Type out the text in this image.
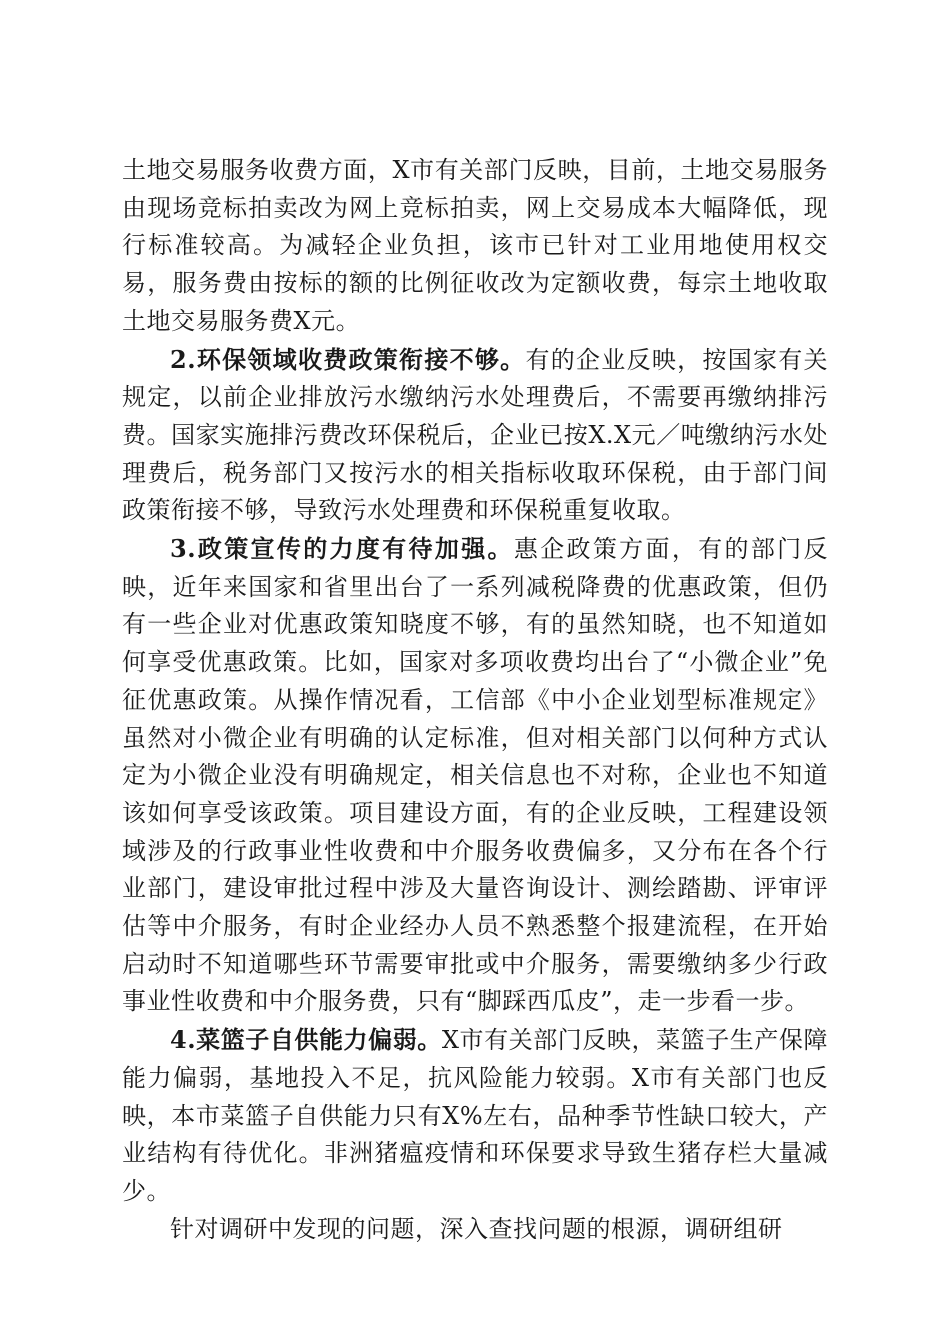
土地交易服务收费方面，X市有关部门反映，目前，土地交易服务由现场竞标拍卖改为网上竞标拍卖，网上交易成本大幅降低，现行标准较高。为减轻企业负担，该市已针对工业用地使用权交易，服务费由按标的额的比例征收改为定额收费，每宗土地收取土地交易服务费X元。

2.环保领域收费政策衔接不够。有的企业反映，按国家有关规定，以前企业排放污水缴纳污水处理费后，不需要再缴纳排污费。国家实施排污费改环保税后，企业已按X.X元／吨缴纳污水处理费后，税务部门又按污水的相关指标收取环保税，由于部门间政策衔接不够，导致污水处理费和环保税重复收取。

3.政策宣传的力度有待加强。惠企政策方面，有的部门反映，近年来国家和省里出台了一系列减税降费的优惠政策，但仍有一些企业对优惠政策知晓度不够，有的虽然知晓，也不知道如何享受优惠政策。比如，国家对多项收费均出台了“小微企业”免征优惠政策。从操作情况看，工信部《中小企业划型标准规定》虽然对小微企业有明确的认定标准，但对相关部门以何种方式认定为小微企业没有明确规定，相关信息也不对称，企业也不知道该如何享受该政策。项目建设方面，有的企业反映，工程建设领域涉及的行政事业性收费和中介服务收费偏多，又分布在各个行业部门，建设审批过程中涉及大量咨询设计、测绘踏勘、评审评估等中介服务，有时企业经办人员不熟悉整个报建流程，在开始启动时不知道哪些环节需要审批或中介服务，需要缴纳多少行政事业性收费和中介服务费，只有“脚踩西瓜皮”，走一步看一步。

4.菜篮子自供能力偏弱。X市有关部门反映，菜篮子生产保障能力偏弱，基地投入不足，抗风险能力较弱。X市有关部门也反映，本市菜篮子自供能力只有X%左右，品种季节性缺口较大，产业结构有待优化。非洲猪瘟疫情和环保要求导致生猪存栏大量减少。

针对调研中发现的问题，深入查找问题的根源，调研组研
